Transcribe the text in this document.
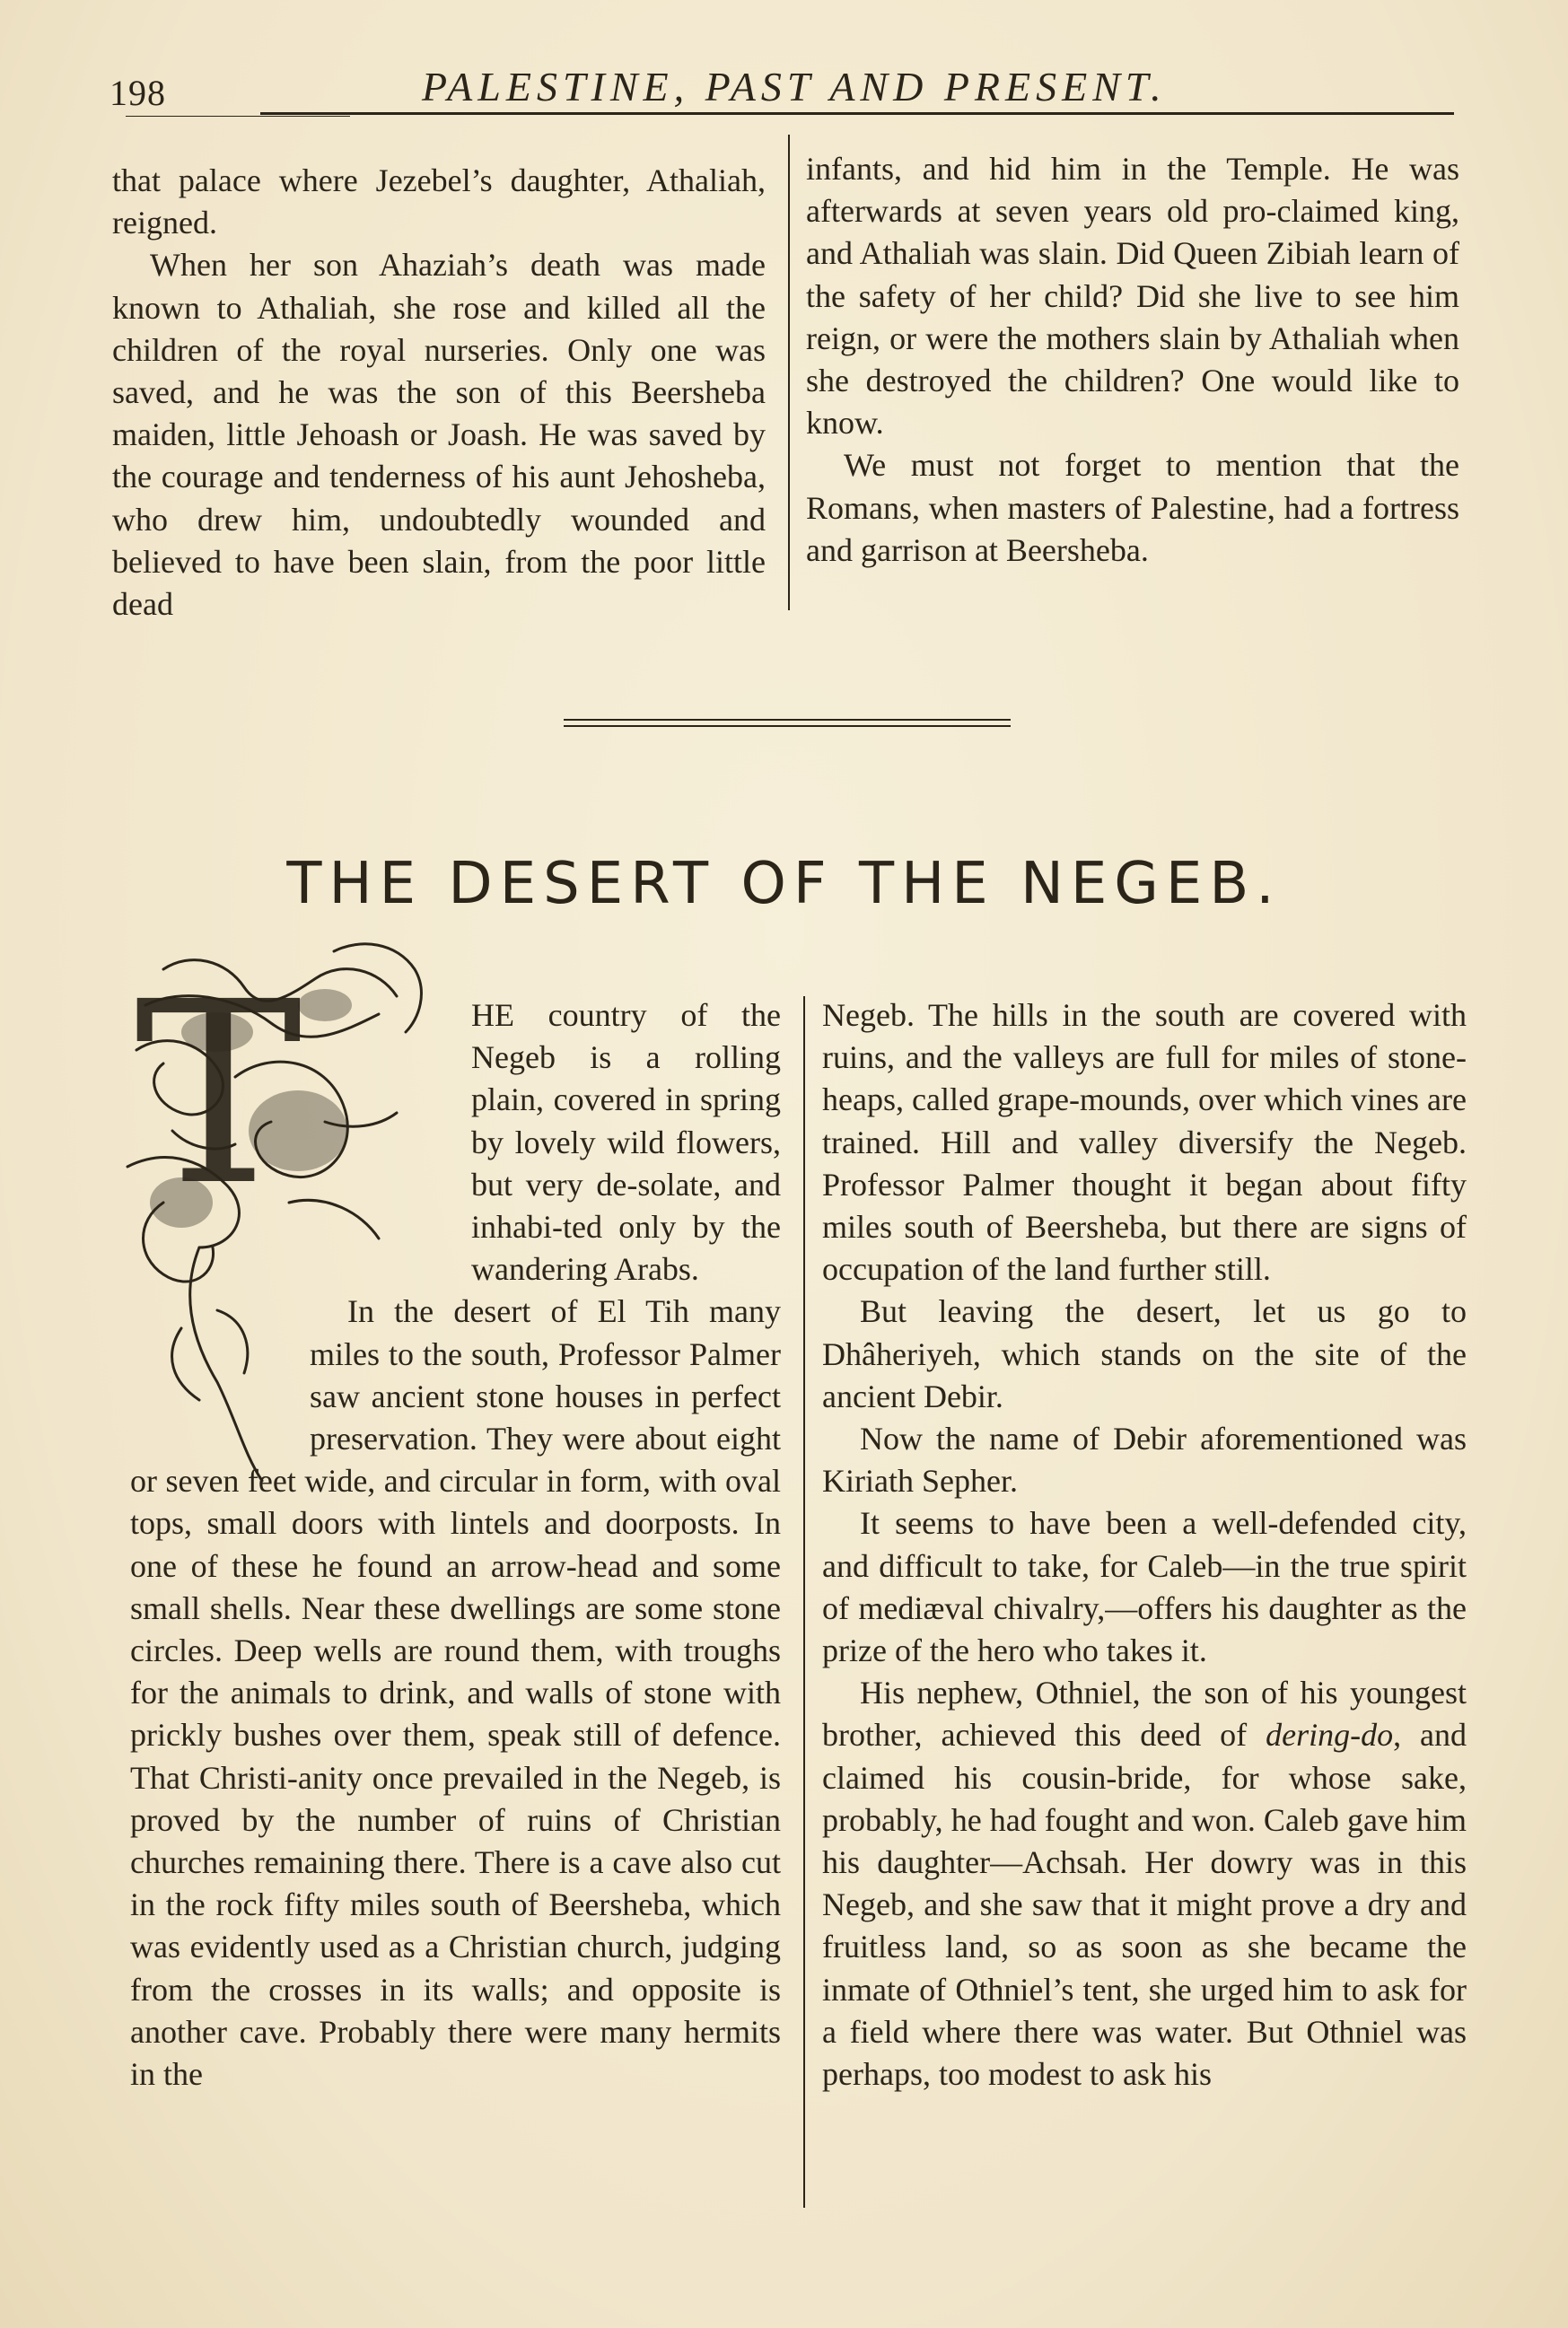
198	PALESTINE, PAST AND PRESENT.

that palace where Jezebel’s daughter, Athaliah, reigned.

When her son Ahaziah’s death was made known to Athaliah, she rose and killed all the children of the royal nurseries. Only one was saved, and he was the son of this Beersheba maiden, little Jehoash or Joash. He was saved by the courage and tenderness of his aunt Jehosheba, who drew him, undoubtedly wounded and believed to have been slain, from the poor little dead

infants, and hid him in the Temple. He was afterwards at seven years old pro-claimed king, and Athaliah was slain. Did Queen Zibiah learn of the safety of her child? Did she live to see him reign, or were the mothers slain by Athaliah when she destroyed the children? One would like to know.

We must not forget to mention that the Romans, when masters of Palestine, had a fortress and garrison at Beersheba.

THE DESERT OF THE NEGEB.
T	HE country of the Negeb is a rolling plain, covered in spring by lovely wild flowers, but very de-solate, and inhabi-ted only by the wandering Arabs.

In the desert of El Tih many miles to the south, Professor Palmer saw ancient stone houses in perfect preservation. They were about eight or seven feet wide, and circular in form, with oval tops, small doors with lintels and doorposts. In one of these he found an arrow-head and some small shells. Near these dwellings are some stone circles. Deep wells are round them, with troughs for the animals to drink, and walls of stone with prickly bushes over them, speak still of defence. That Christi-anity once prevailed in the Negeb, is proved by the number of ruins of Christian churches remaining there. There is a cave also cut in the rock fifty miles south of Beersheba, which was evidently used as a Christian church, judging from the crosses in its walls; and opposite is another cave. Probably there were many hermits in the

Negeb. The hills in the south are covered with ruins, and the valleys are full for miles of stone-heaps, called grape-mounds, over which vines are trained. Hill and valley diversify the Negeb. Professor Palmer thought it began about fifty miles south of Beersheba, but there are signs of occupation of the land further still.

But leaving the desert, let us go to Dhâheriyeh, which stands on the site of the ancient Debir.

Now the name of Debir aforementioned was Kiriath Sepher.

It seems to have been a well-defended city, and difficult to take, for Caleb—in the true spirit of mediæval chivalry,—offers his daughter as the prize of the hero who takes it.

His nephew, Othniel, the son of his youngest brother, achieved this deed of dering-do, and claimed his cousin-bride, for whose sake, probably, he had fought and won. Caleb gave him his daughter—Achsah. Her dowry was in this Negeb, and she saw that it might prove a dry and fruitless land, so as soon as she became the inmate of Othniel’s tent, she urged him to ask for a field where there was water. But Othniel was perhaps, too modest to ask his
